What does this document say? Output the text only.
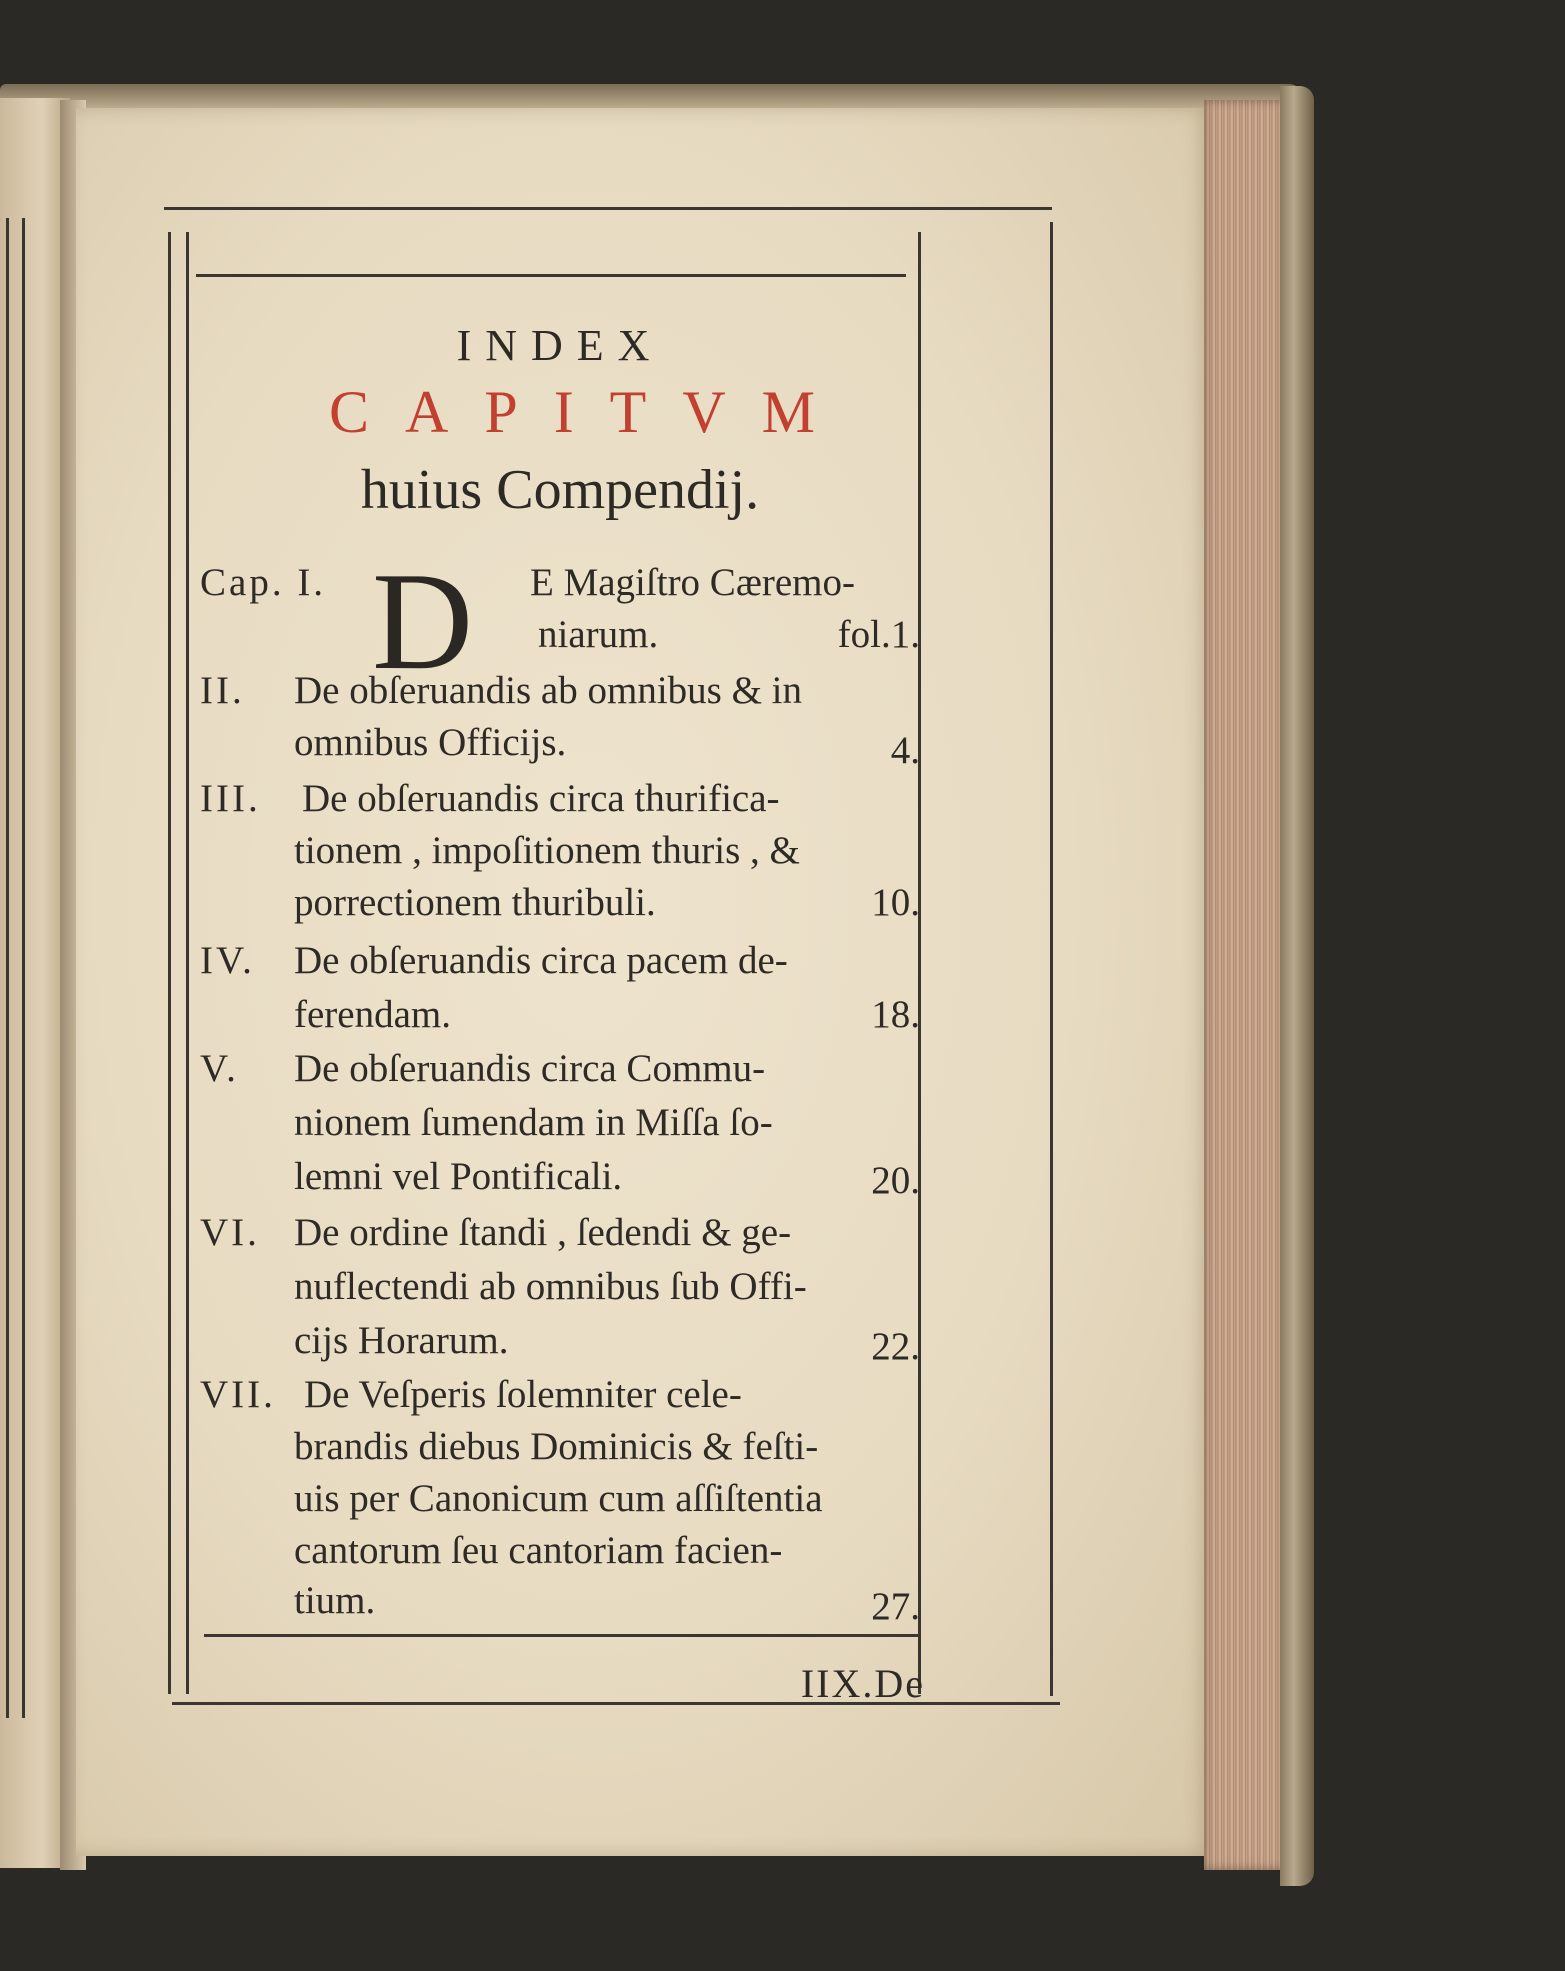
INDEX
CAPITVM
huius Compendij.
Cap. I.	E Magiſtro Cæremo-
niarum.	fol.1.
D
II. De obſeruandis ab omnibus & in
omnibus Officijs.	4.
III. De obſeruandis circa thurifica-
tionem , impoſitionem thuris , &
porrectionem thuribuli.	10.
IV. De obſeruandis circa pacem de-
ferendam.	18.
V. De obſeruandis circa Commu-
nionem ſumendam in Miſſa ſo-
lemni vel Pontificali.	20.
VI. De ordine ſtandi , ſedendi & ge-
nuflectendi ab omnibus ſub Offi-
cijs Horarum.	22.
VII. De Veſperis ſolemniter cele-
brandis diebus Dominicis & feſti-
uis per Canonicum cum aſſiſtentia
cantorum ſeu cantoriam facien-
tium.	27.
IIX.De
